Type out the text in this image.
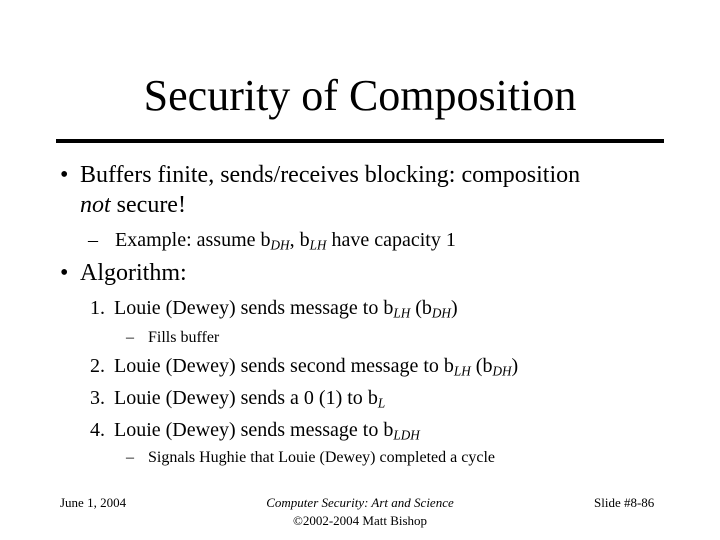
Security of Composition
• Buffers finite, sends/receives blocking: composition
not secure!
– Example: assume $b_{DH}$, $b_{LH}$ have capacity 1
• Algorithm:
1. Louie (Dewey) sends message to $b_{LH}$ $(b_{DH})$
– Fills buffer
2. Louie (Dewey) sends second message to $b_{LH}$ $(b_{DH})$
3. Louie (Dewey) sends a 0 (1) to $b_L$
4. Louie (Dewey) sends message to $b_{LDH}$
– Signals Hughie that Louie (Dewey) completed a cycle
June 1, 2004	Computer Security: Art and Science
©2002-2004 Matt Bishop
Slide #8-86
